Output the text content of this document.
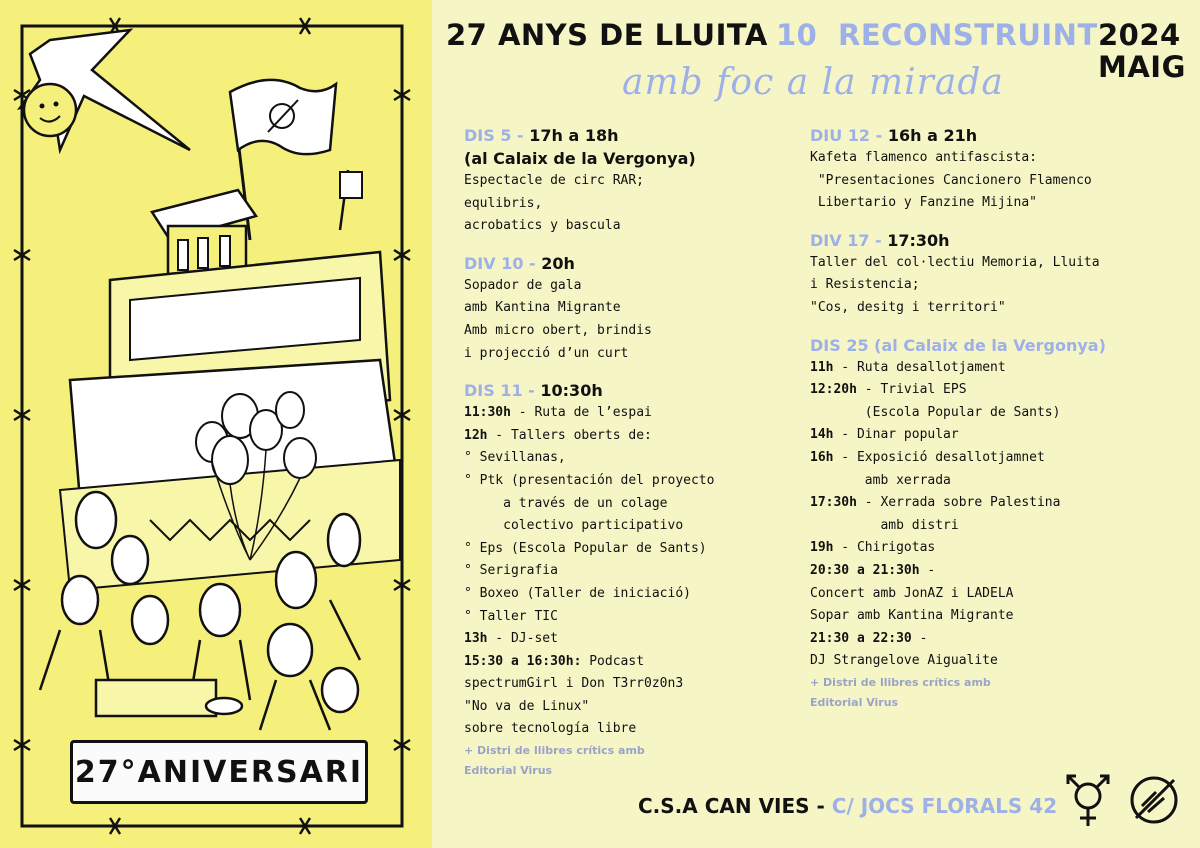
27°ANIVERSARI
27 ANYS DE LLUITA 10 RECONSTRUINT 2024
MAIG
amb foc a la mirada

DIS 5 - 17h a 18h

(al Calaix de la Vergonya)

Espectacle de circ RAR;

equlibris,

acrobatics y bascula

DIV 10 - 20h

Sopador de gala

amb Kantina Migrante

Amb micro obert, brindis

i projecció d’un curt

DIS 11 - 10:30h

11:30h - Ruta de l’espai

12h - Tallers oberts de:

° Sevillanas,

° Ptk (presentación del proyecto

a través de un colage

colectivo participativo

° Eps (Escola Popular de Sants)

° Serigrafia

° Boxeo (Taller de iniciació)

° Taller TIC

13h - DJ-set

15:30 a 16:30h: Podcast

spectrumGirl i Don T3rr0z0n3

"No va de Linux"

sobre tecnología libre

+ Distri de llibres crítics amb

Editorial Virus

DIU 12 - 16h a 21h

Kafeta flamenco antifascista:

"Presentaciones Cancionero Flamenco

Libertario y Fanzine Mijina"

DIV 17 - 17:30h

Taller del col·lectiu Memoria, Lluita

i Resistencia;

"Cos, desitg i territori"

DIS 25 (al Calaix de la Vergonya)

11h - Ruta desallotjament

12:20h - Trivial EPS

(Escola Popular de Sants)

14h - Dinar popular

16h - Exposició desallotjamnet

amb xerrada

17:30h - Xerrada sobre Palestina

amb distri

19h - Chirigotas

20:30 a 21:30h -

Concert amb JonAZ i LADELA

Sopar amb Kantina Migrante

21:30 a 22:30 -

DJ Strangelove Aigualite

+ Distri de llibres crítics amb

Editorial Virus

C.S.A CAN VIES - C/ JOCS FLORALS 42
